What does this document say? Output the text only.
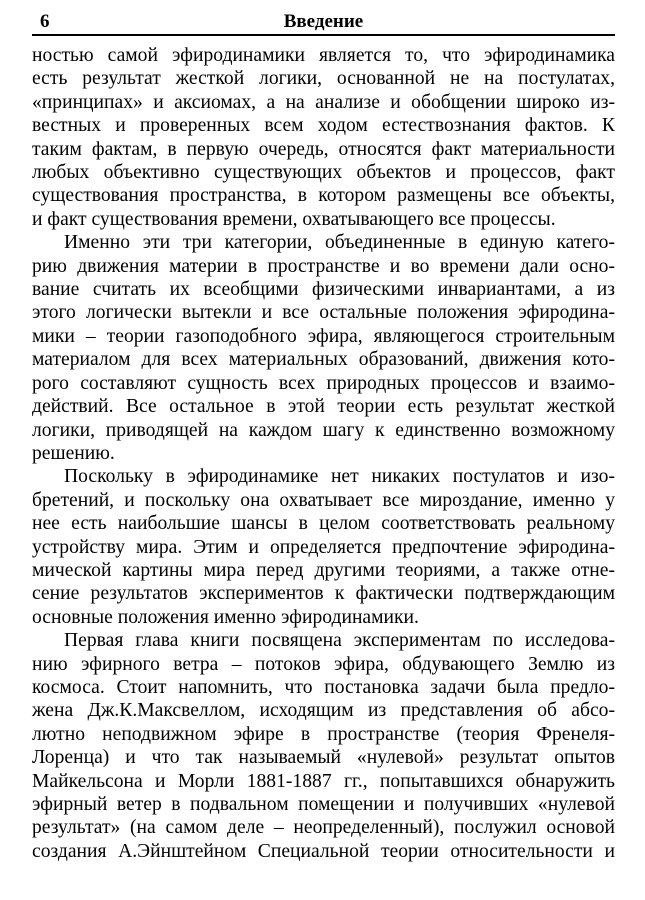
6	Введение
ностью самой эфиродинамики является то, что эфиродинамика
есть результат жесткой логики, основанной не на постулатах,
«принципах» и аксиомах, а на анализе и обобщении широко из-
вестных и проверенных всем ходом естествознания фактов. К
таким фактам, в первую очередь, относятся факт материальности
любых объективно существующих объектов и процессов, факт
существования пространства, в котором размещены все объекты,
и факт существования времени, охватывающего все процессы.
Именно эти три категории, объединенные в единую катего-
рию движения материи в пространстве и во времени дали осно-
вание считать их всеобщими физическими инвариантами, а из
этого логически вытекли и все остальные положения эфиродина-
мики – теории газоподобного эфира, являющегося строительным
материалом для всех материальных образований, движения кото-
рого составляют сущность всех природных процессов и взаимо-
действий. Все остальное в этой теории есть результат жесткой
логики, приводящей на каждом шагу к единственно возможному
решению.
Поскольку в эфиродинамике нет никаких постулатов и изо-
бретений, и поскольку она охватывает все мироздание, именно у
нее есть наибольшие шансы в целом соответствовать реальному
устройству мира. Этим и определяется предпочтение эфиродина-
мической картины мира перед другими теориями, а также отне-
сение результатов экспериментов к фактически подтверждающим
основные положения именно эфиродинамики.
Первая глава книги посвящена экспериментам по исследова-
нию эфирного ветра – потоков эфира, обдувающего Землю из
космоса. Стоит напомнить, что постановка задачи была предло-
жена Дж.К.Максвеллом, исходящим из представления об абсо-
лютно неподвижном эфире в пространстве (теория Френеля-
Лоренца) и что так называемый «нулевой» результат опытов
Майкельсона и Морли 1881-1887 гг., попытавшихся обнаружить
эфирный ветер в подвальном помещении и получивших «нулевой
результат» (на самом деле – неопределенный), послужил основой
создания А.Эйнштейном Специальной теории относительности и
